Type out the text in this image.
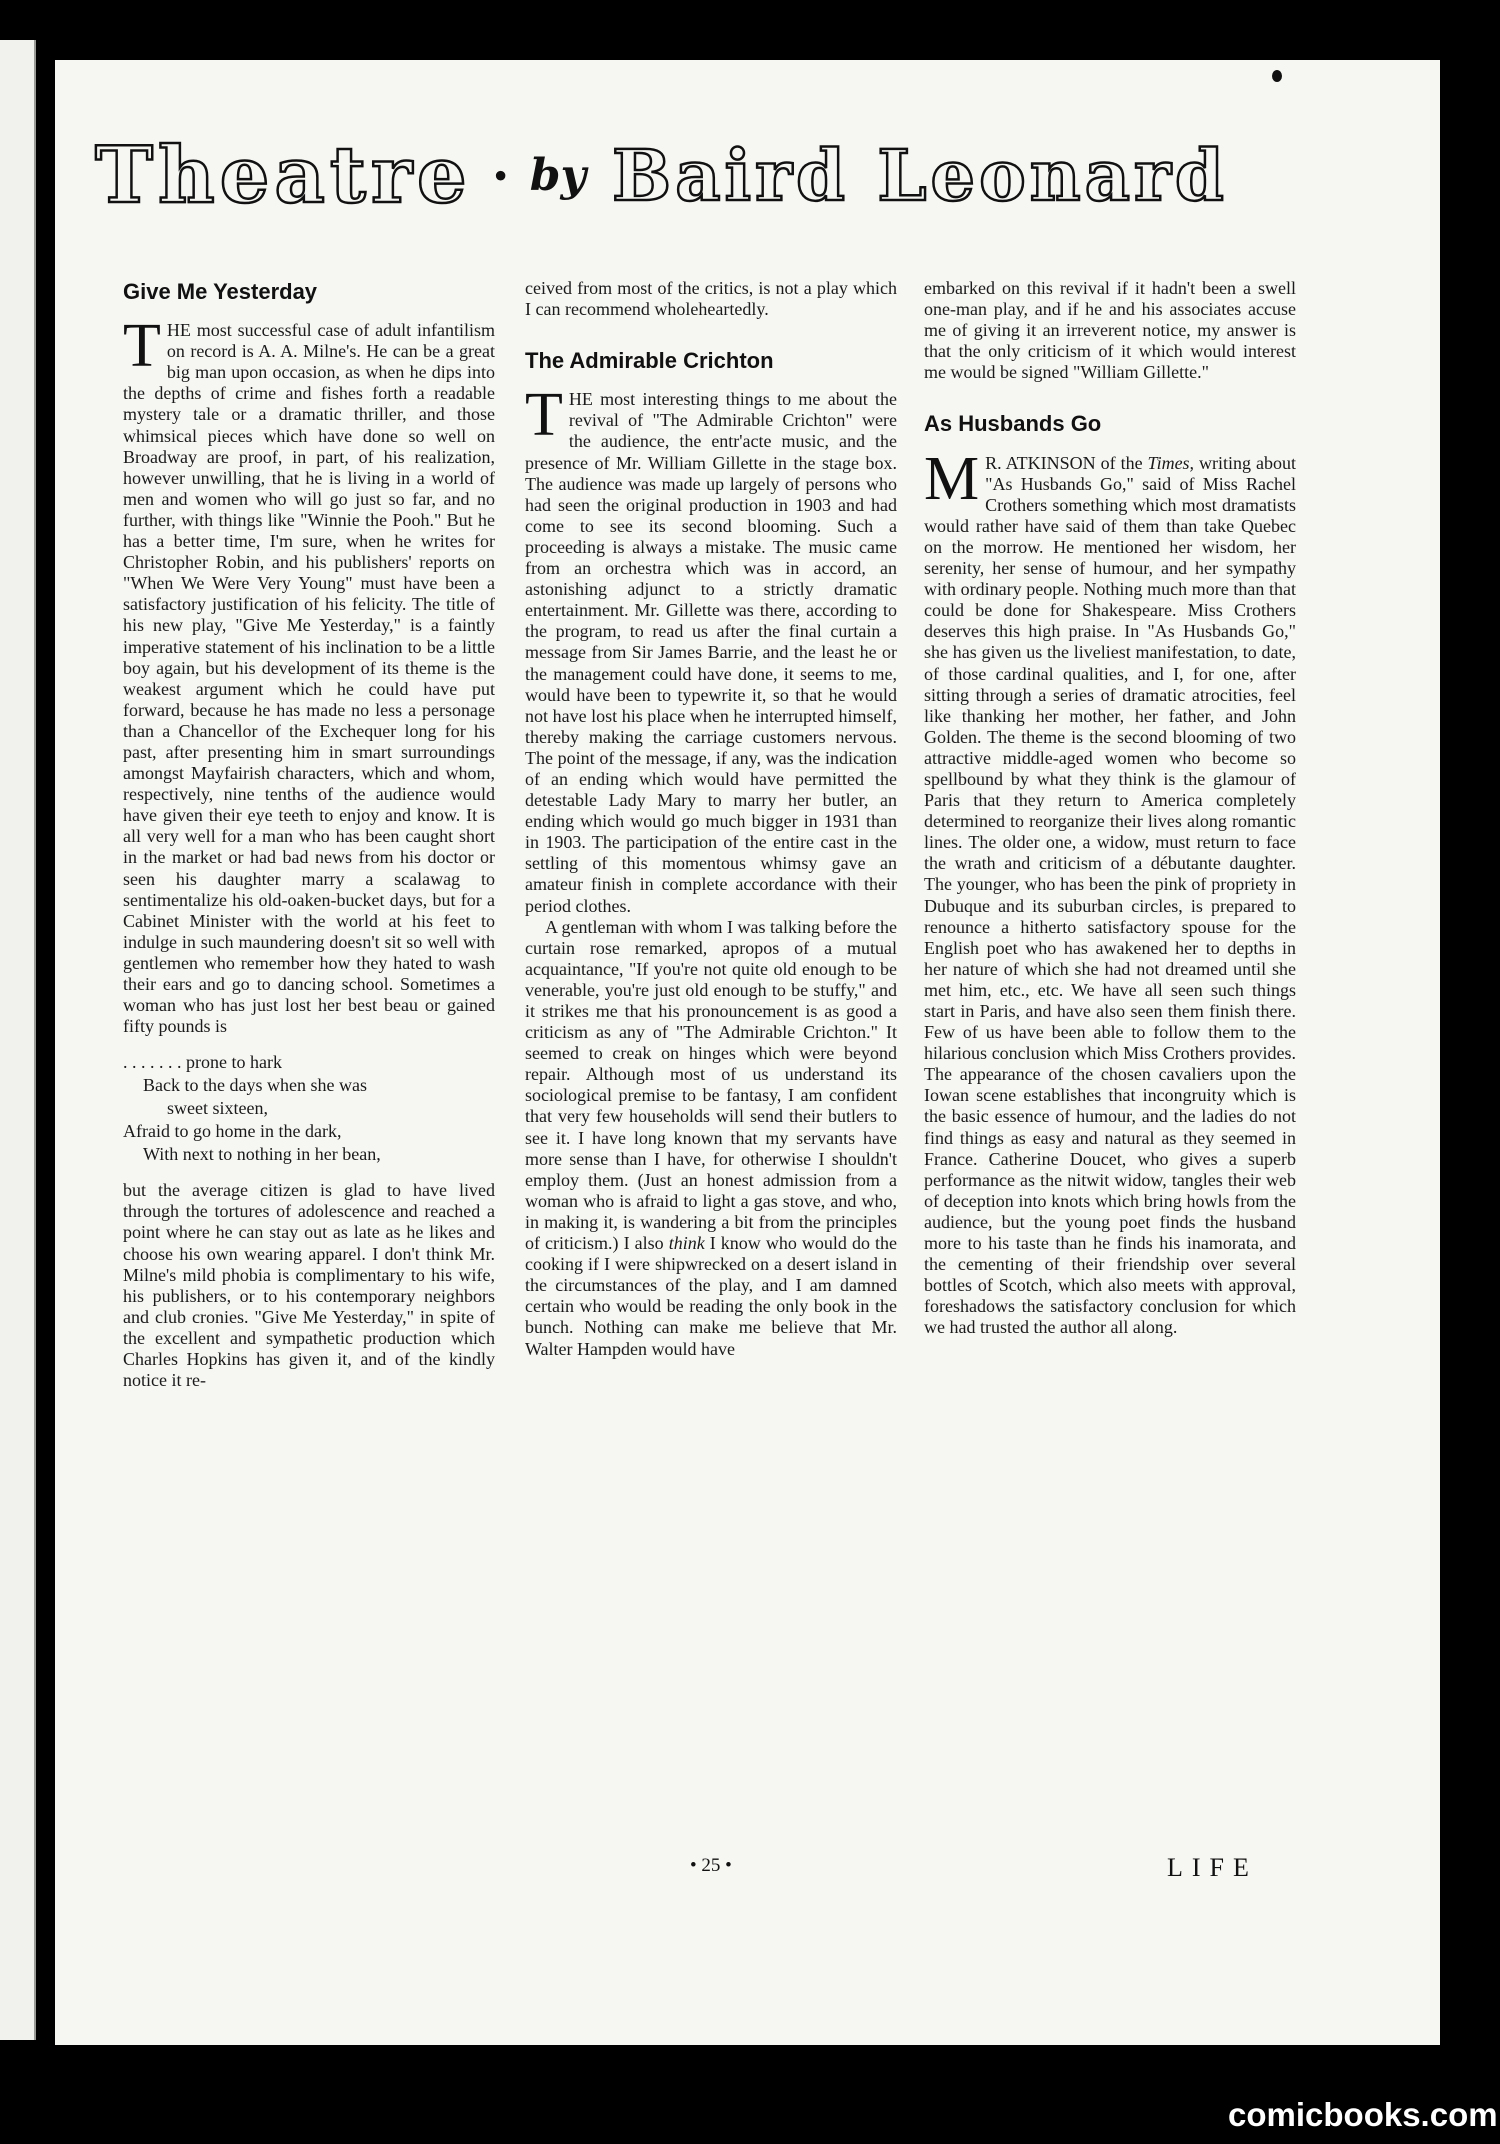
Theatre • by Baird Leonard
Give Me Yesterday

THE most successful case of adult infantilism on record is A. A. Milne's. He can be a great big man upon occasion, as when he dips into the depths of crime and fishes forth a readable mystery tale or a dramatic thriller, and those whimsical pieces which have done so well on Broadway are proof, in part, of his realization, however unwilling, that he is living in a world of men and women who will go just so far, and no further, with things like "Winnie the Pooh." But he has a better time, I'm sure, when he writes for Christopher Robin, and his publishers' reports on "When We Were Very Young" must have been a satisfactory justification of his felicity. The title of his new play, "Give Me Yesterday," is a faintly imperative statement of his inclination to be a little boy again, but his development of its theme is the weakest argument which he could have put forward, because he has made no less a personage than a Chancellor of the Exchequer long for his past, after presenting him in smart surroundings amongst Mayfairish characters, which and whom, respectively, nine tenths of the audience would have given their eye teeth to enjoy and know. It is all very well for a man who has been caught short in the market or had bad news from his doctor or seen his daughter marry a scalawag to sentimentalize his old-oaken-bucket days, but for a Cabinet Minister with the world at his feet to indulge in such maundering doesn't sit so well with gentlemen who remember how they hated to wash their ears and go to dancing school. Sometimes a woman who has just lost her best beau or gained fifty pounds is

. . . . . . . prone to hark
Back to the days when she was
sweet sixteen,
Afraid to go home in the dark,
With next to nothing in her bean,

but the average citizen is glad to have lived through the tortures of adolescence and reached a point where he can stay out as late as he likes and choose his own wearing apparel. I don't think Mr. Milne's mild phobia is complimentary to his wife, his publishers, or to his contemporary neighbors and club cronies. "Give Me Yesterday," in spite of the excellent and sympathetic production which Charles Hopkins has given it, and of the kindly notice it re-

ceived from most of the critics, is not a play which I can recommend wholeheartedly.

The Admirable Crichton

THE most interesting things to me about the revival of "The Admirable Crichton" were the audience, the entr'acte music, and the presence of Mr. William Gillette in the stage box. The audience was made up largely of persons who had seen the original production in 1903 and had come to see its second blooming. Such a proceeding is always a mistake. The music came from an orchestra which was in accord, an astonishing adjunct to a strictly dramatic entertainment. Mr. Gillette was there, according to the program, to read us after the final curtain a message from Sir James Barrie, and the least he or the management could have done, it seems to me, would have been to typewrite it, so that he would not have lost his place when he interrupted himself, thereby making the carriage customers nervous. The point of the message, if any, was the indication of an ending which would have permitted the detestable Lady Mary to marry her butler, an ending which would go much bigger in 1931 than in 1903. The participation of the entire cast in the settling of this momentous whimsy gave an amateur finish in complete accordance with their period clothes.

A gentleman with whom I was talking before the curtain rose remarked, apropos of a mutual acquaintance, "If you're not quite old enough to be venerable, you're just old enough to be stuffy," and it strikes me that his pronouncement is as good a criticism as any of "The Admirable Crichton." It seemed to creak on hinges which were beyond repair. Although most of us understand its sociological premise to be fantasy, I am confident that very few households will send their butlers to see it. I have long known that my servants have more sense than I have, for otherwise I shouldn't employ them. (Just an honest admission from a woman who is afraid to light a gas stove, and who, in making it, is wandering a bit from the principles of criticism.) I also think I know who would do the cooking if I were shipwrecked on a desert island in the circumstances of the play, and I am damned certain who would be reading the only book in the bunch. Nothing can make me believe that Mr. Walter Hampden would have

embarked on this revival if it hadn't been a swell one-man play, and if he and his associates accuse me of giving it an irreverent notice, my answer is that the only criticism of it which would interest me would be signed "William Gillette."

As Husbands Go

M R. ATKINSON of the Times, writing about "As Husbands Go," said of Miss Rachel Crothers something which most dramatists would rather have said of them than take Quebec on the morrow. He mentioned her wisdom, her serenity, her sense of humour, and her sympathy with ordinary people. Nothing much more than that could be done for Shakespeare. Miss Crothers deserves this high praise. In "As Husbands Go," she has given us the liveliest manifestation, to date, of those cardinal qualities, and I, for one, after sitting through a series of dramatic atrocities, feel like thanking her mother, her father, and John Golden. The theme is the second blooming of two attractive middle-aged women who become so spellbound by what they think is the glamour of Paris that they return to America completely determined to reorganize their lives along romantic lines. The older one, a widow, must return to face the wrath and criticism of a débutante daughter. The younger, who has been the pink of propriety in Dubuque and its suburban circles, is prepared to renounce a hitherto satisfactory spouse for the English poet who has awakened her to depths in her nature of which she had not dreamed until she met him, etc., etc. We have all seen such things start in Paris, and have also seen them finish there. Few of us have been able to follow them to the hilarious conclusion which Miss Crothers provides. The appearance of the chosen cavaliers upon the Iowan scene establishes that incongruity which is the basic essence of humour, and the ladies do not find things as easy and natural as they seemed in France. Catherine Doucet, who gives a superb performance as the nitwit widow, tangles their web of deception into knots which bring howls from the audience, but the young poet finds the husband more to his taste than he finds his inamorata, and the cementing of their friendship over several bottles of Scotch, which also meets with approval, foreshadows the satisfactory conclusion for which we had trusted the author all along.

• 25 •	LIFE
comicbooks.com
